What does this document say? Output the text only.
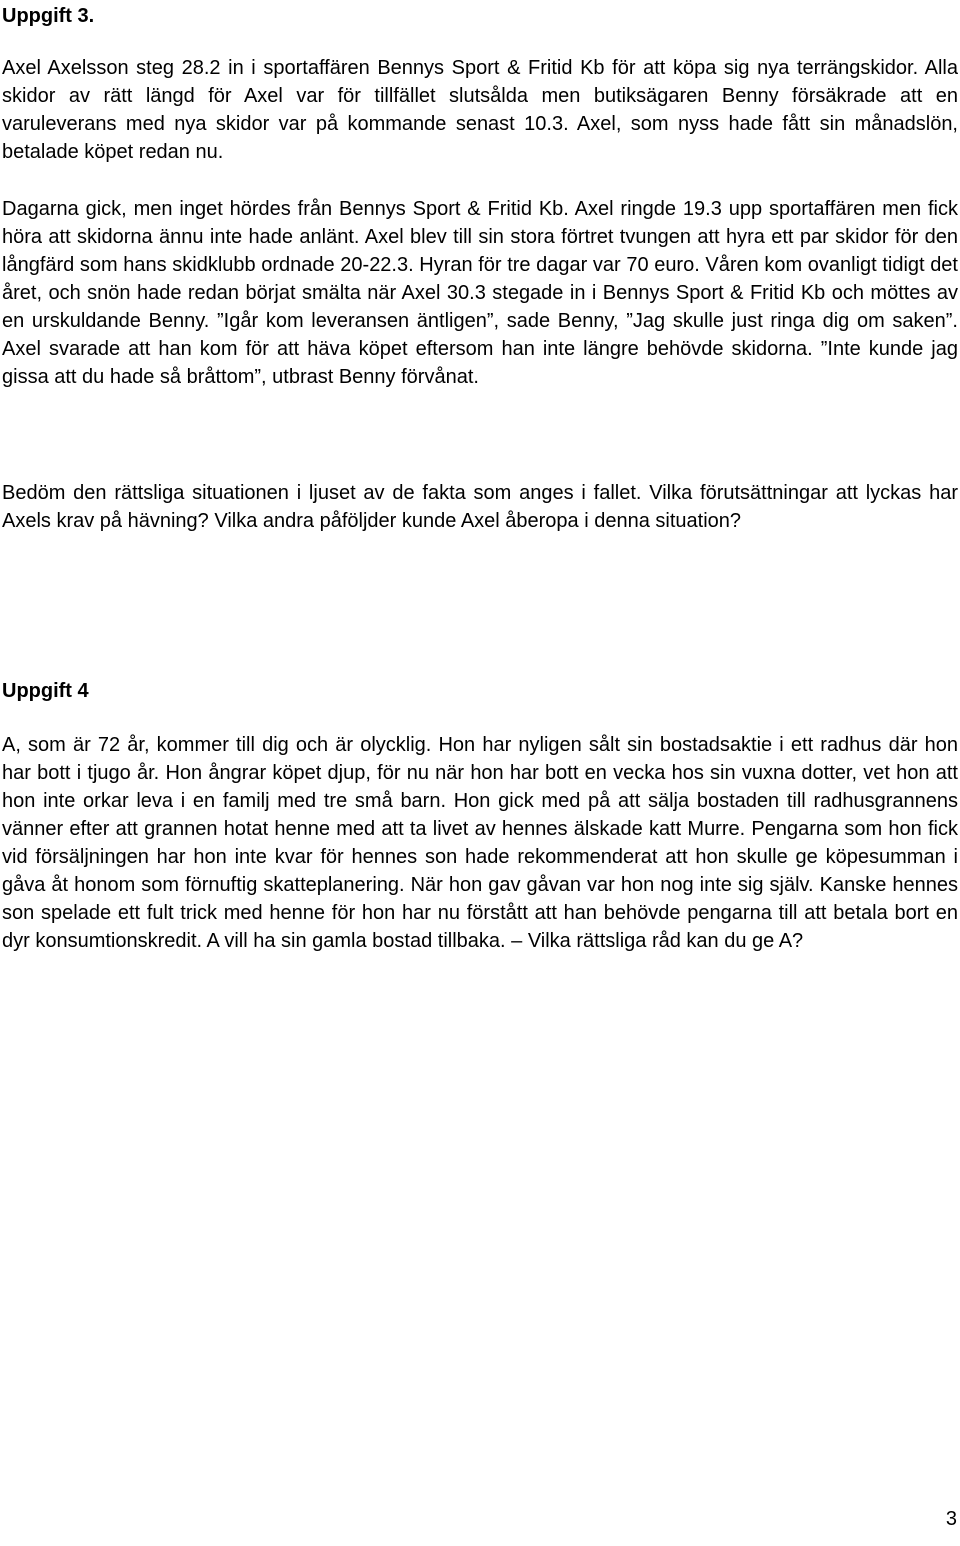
Uppgift 3.

Axel Axelsson steg 28.2 in i sportaffären Bennys Sport & Fritid Kb för att köpa sig nya terrängskidor. Alla skidor av rätt längd för Axel var för tillfället slutsålda men butiksägaren Benny försäkrade att en varuleverans med nya skidor var på kommande senast 10.3. Axel, som nyss hade fått sin månadslön, betalade köpet redan nu.

Dagarna gick, men inget hördes från Bennys Sport & Fritid Kb. Axel ringde 19.3 upp sportaffären men fick höra att skidorna ännu inte hade anlänt. Axel blev till sin stora förtret tvungen att hyra ett par skidor för den långfärd som hans skidklubb ordnade 20-22.3. Hyran för tre dagar var 70 euro. Våren kom ovanligt tidigt det året, och snön hade redan börjat smälta när Axel 30.3 stegade in i Bennys Sport & Fritid Kb och möttes av en urskuldande Benny. ”Igår kom leveransen äntligen”, sade Benny, ”Jag skulle just ringa dig om saken”. Axel svarade att han kom för att häva köpet eftersom han inte längre behövde skidorna. ”Inte kunde jag gissa att du hade så bråttom”, utbrast Benny förvånat.

Bedöm den rättsliga situationen i ljuset av de fakta som anges i fallet. Vilka förutsättningar att lyckas har Axels krav på hävning? Vilka andra påföljder kunde Axel åberopa i denna situation?

Uppgift 4

A, som är 72 år, kommer till dig och är olycklig. Hon har nyligen sålt sin bostadsaktie i ett radhus där hon har bott i tjugo år. Hon ångrar köpet djup, för nu när hon har bott en vecka hos sin vuxna dotter, vet hon att hon inte orkar leva i en familj med tre små barn. Hon gick med på att sälja bostaden till radhusgrannens vänner efter att grannen hotat henne med att ta livet av hennes älskade katt Murre. Pengarna som hon fick vid försäljningen har hon inte kvar för hennes son hade rekommenderat att hon skulle ge köpesumman i gåva åt honom som förnuftig skatteplanering. När hon gav gåvan var hon nog inte sig själv. Kanske hennes son spelade ett fult trick med henne för hon har nu förstått att han behövde pengarna till att betala bort en dyr konsumtionskredit. A vill ha sin gamla bostad tillbaka. – Vilka rättsliga råd kan du ge A?

3
